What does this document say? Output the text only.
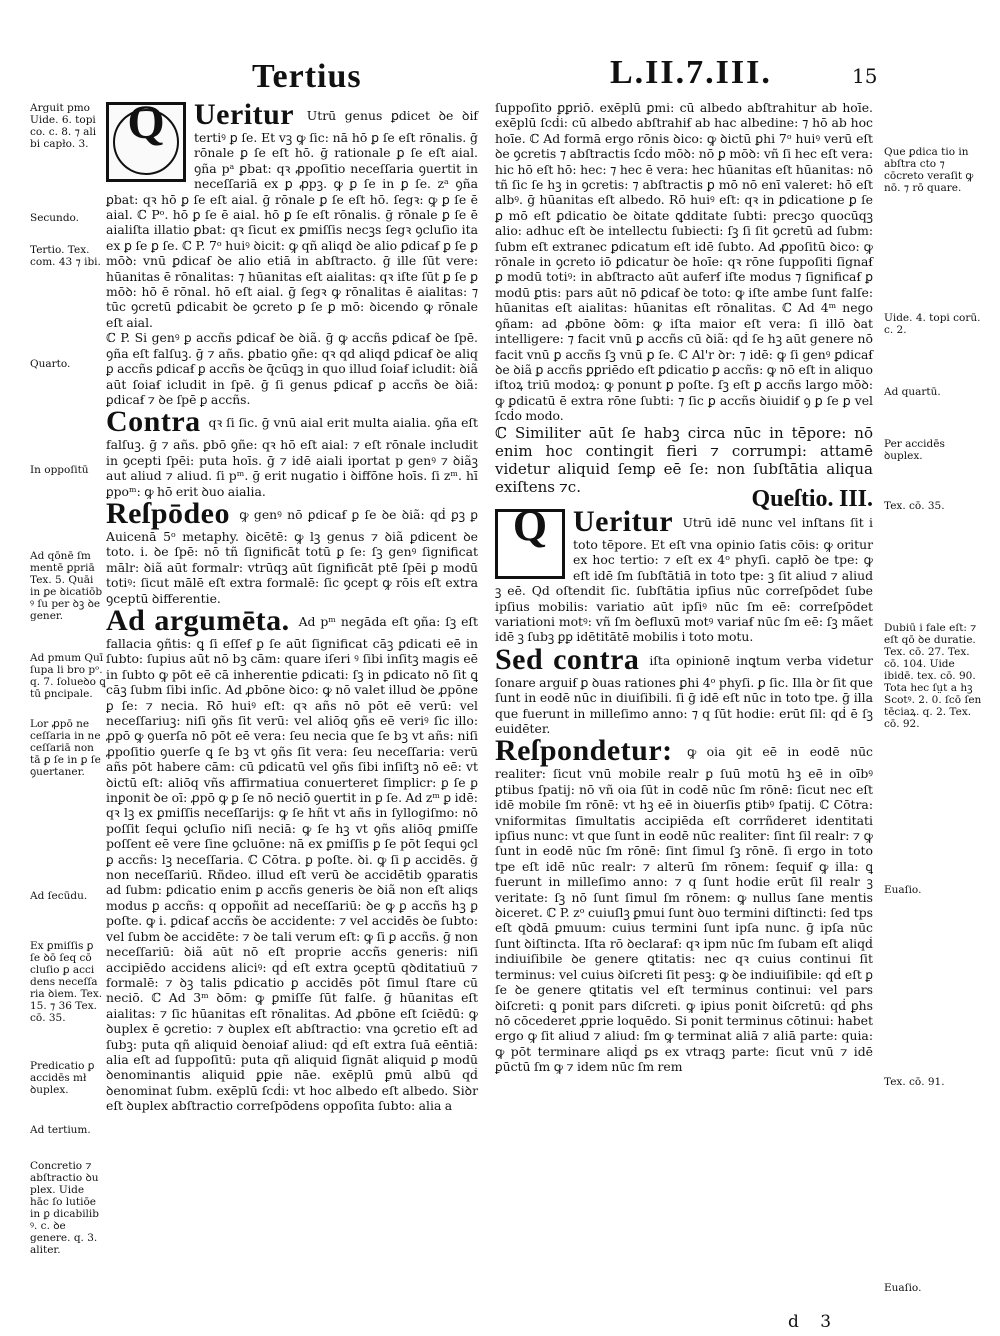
Tertius	L.II.7.III.	15
Q Ueritur Utrū genus ꝑdicet ꝺe ꝺif tertiꝰ ꝑ ſe. Et vꝫ ꝙ ſic: nā hō ꝑ ſe eſt rōnalis. ḡ rōnale ꝑ ſe eſt hō. ḡ rationale ꝑ ſe eſt aial. ꝯña pᵃ ꝑbat: qꝛ ꝓpoſitio neceſſaria ꝯuertit in neceſſariā ex ꝑ ꝓpꝫ. ꝙ ꝑ ſe in ꝑ ſe. zᵃ ꝯña ꝑbat: qꝛ hō ꝑ ſe eſt aial. ḡ rōnale ꝑ ſe eſt hō. ſegꝛ: ꝙ ꝑ ſe ē aial. ℂ Pᵒ. hō ꝑ ſe ē aial. hō ꝑ ſe eſt rōnalis. ḡ rōnale ꝑ ſe ē aialiſta illatio ꝑbat: qꝛ ſicut ex ꝑmiſſis necꝫs ſegꝛ ꝯcluſio ita ex ꝑ ſe ꝑ ſe. ℂ P. 7ᵒ huiꝰ ꝺicit: ꝙ qñ aliqd ꝺe alio ꝑdicaẜ ꝑ ſe ꝑ mōꝺ: vnū ꝑdicaẜ ꝺe alio etiā in abſtracto. ḡ ille ſūt vere: hūanitas ē rōnalitas: ⁊ hūanitas eſt aialitas: qꝛ iſte ſūt ꝑ ſe ꝑ mōꝺ: hō ē rōnal. hō eſt aial. ḡ ſegꝛ ꝙ rōnalitas ē aialitas: ⁊ tūc ꝯcretū ꝑdicabit ꝺe ꝯcreto ꝑ ſe ꝑ mō: ꝺicendo ꝙ rōnale eſt aial.

ℂ P. Si genꝰ ꝑ accñs ꝑdicaẜ ꝺe ꝺiã. ḡ ꝙ accñs ꝑdicaẜ ꝺe ſpē. ꝯña eſt falſuꝫ. ḡ ⁊ añs. ꝑbatio ꝯñe: qꝛ qd aliqd ꝑdicaẜ ꝺe aliq ꝑ accñs ꝑdicaẜ ꝑ accñs ꝺe q̄cūqꝫ in quo illud ſoiaẜ icludit: ꝺiã aūt ſoiaẜ icludit in ſpē. ḡ ſi genus ꝑdicaẜ ꝑ accñs ꝺe ꝺiã: ꝑdicaẜ ⁊ ꝺe ſpē ꝑ accñs.

Contra qꝛ ſi ſic. ḡ vnū aial erit multa aialia. ꝯña eſt falſuꝫ. ḡ ⁊ añs. ꝑbō ꝯñe: qꝛ hō eſt aial: ⁊ eſt rōnale includit in ꝯcepti ſpēi: puta hoīs. ḡ ⁊ idē aiali iportat p genꝰ ⁊ ꝺiãꝫ aut aliud ⁊ aliud. ſi pᵐ. ḡ erit nugatio i ꝺiffōne hoīs. ſi zᵐ. hī ꝑpoᵐ: ꝙ hō erit ꝺuo aialia.

Reſpōdeo ꝙ genꝰ nō ꝑdicaẜ ꝑ ſe ꝺe ꝺiã: qḋ ꝑꝫ ꝑ Auicenā 5ᵒ metaphy. ꝺicētē: ꝙ lꝫ genus ⁊ ꝺiã ꝑdicent ꝺe toto. i. ꝺe ſpē: nō tñ ſignificāt totū ꝑ ſe: ſꝫ genꝰ ſignificat mālr: ꝺiã aūt formalr: vtrūqꝫ aūt ſignificāt ptē ſpēi ꝑ modū totiꝰ: ſicut mālē eſt extra formalē: ſic ꝯcept ꝙ rōis eſt extra ꝯceptū ꝺifferentie.

Ad argumēta. Ad pᵐ negāda eſt ꝯña: ſꝫ eſt fallacia ꝯñtis: ꝗ ſi eſſeẜ ꝑ ſe aūt ſignificat cāꝫ ꝑdicati eē in ſubto: ſupius aūt nō bꝫ cām: quare iſeri ꝰ ſibi inſitꝫ magis eē in ſubto ꝙ pōt eē cā inherentie ꝑdicati: ſꝫ in ꝑdicato nō ſit ꝗ cāꝫ ſubm ſibi inſic. Ad ꝓbōne ꝺico: ꝙ nō valet illud ꝺe ꝓpōne ꝑ ſe: ⁊ necia. Rō huiꝰ eſt: qꝛ añs nō pōt eē verū: vel neceſſariuꝫ: niſi ꝯñs ſit verū: vel aliōq ꝯñs eē veriꝰ ſic illo: ꝓpō ꝙ ꝯuerſa nō pōt eē vera: ſeu necia que ſe bꝫ vt añs: niſi ꝓpoſitio ꝯuerſe ꝗ ſe bꝫ vt ꝯñs ſit vera: ſeu neceſſaria: verū añs pōt habere cām: cū ꝑdicatū vel ꝯñs ſibi inſiſtꝫ nō eē: vt ꝺictū eſt: aliōq vñs affirmatiua conuerteret ſimplicr: ꝑ ſe ꝑ inꝑonit ꝺe oī: ꝓpō ꝙ ꝑ ſe nō neciō ꝯuertit in ꝑ ſe. Ad zᵐ ꝑ idē: qꝛ lꝫ ex ꝑmiſſis neceſſarijs: ꝙ ſe hñt vt añs in ſyllogiſmo: nō poſſit ſequi ꝯcluſio niſi neciā: ꝙ ſe hꝫ vt ꝯñs aliōq ꝑmiſſe poſſent eē vere ſine ꝯcluōne: nā ex ꝑmiſſis ꝑ ſe pōt ſequi ꝯcl ꝑ accñs: lꝫ neceſſaria. ℂ Cōtra. ꝑ poſte. ꝺi. ꝙ ſi ꝑ accidēs. ḡ non neceſſariū. Rñdeo. illud eſt verū ꝺe accidētib ꝯparatis ad ſubm: ꝑdicatio enim ꝑ accñs generis ꝺe ꝺiã non eſt aliqs modus ꝑ accñs: q oppoñit ad neceſſariū: ꝺe ꝙ ꝑ accñs hꝫ ꝑ poſte. ꝙ i. ꝑdicaẜ accñs ꝺe accidente: ⁊ vel accidēs ꝺe ſubto: vel ſubm ꝺe accidēte: ⁊ ꝺe tali verum eſt: ꝙ ſi ꝑ accñs. ḡ non neceſſariū: ꝺiã aūt nō eſt proprie accñs generis: niſi accipiēdo accidens aliciꝰ: qḋ eſt extra ꝯceptū qꝺditatiuū ⁊ formalē: ⁊ ꝺꝫ talis ꝑdicatio ꝑ accidēs pōt ſimul ſtare cū neciō. ℂ Ad 3ᵐ ꝺōm: ꝙ ꝑmiſſe ſūt falſe. ḡ hūanitas eſt aialitas: ⁊ ſic hūanitas eſt rōnalitas. Ad ꝓbōne eſt ſciēdū: ꝙ ꝺuplex ē ꝯcretio: ⁊ ꝺuplex eſt abſtractio: vna ꝯcretio eſt ad ſubꝫ: puta qñ aliquid ꝺenoiaẜ aliud: qḋ eſt extra ſuā eēntiā: alia eſt ad ſuppoſitū: puta qñ aliquid ſignāt aliquid ꝑ modū ꝺenominantis aliquid ꝑꝑie nāe. exēplū ꝑmū albū qḋ ꝺenominat ſubm. exēplū ſcḋi: vt hoc albedo eſt albedo. Siꝺr eſt ꝺuplex abſtractio correſpōdens oppoſita ſubto: alia a

ſuppoſito ꝑꝑriō. exēplū ꝑmi: cū albedo abſtrahitur ab hoīe. exēplū ſcḋi: cū albedo abſtrahiẜ ab hac albedine: ⁊ hō ab hoc hoīe. ℂ Ad formā ergo rōnis ꝺico: ꝙ ꝺictū ꝑhi 7ᵒ huiꝰ verū eſt ꝺe ꝯcretis ⁊ abſtractis ſcḋo mōꝺ: nō ꝑ mōꝺ: vñ ſi hec eſt vera: hic hō eſt hō: hec: ⁊ hec ē vera: hec hūanitas eſt hūanitas: nō tñ ſic ſe hꝫ in ꝯcretis: ⁊ abſtractis ꝑ mō nō enī valeret: hō eſt albꝰ. ḡ hūanitas eſt albedo. Rō huiꝰ eſt: qꝛ in ꝑdicatione ꝑ ſe ꝑ mō eſt ꝑdicatio ꝺe ꝺitate ꝗdditate ſubti: precꝫo quocūqꝫ alio: adhuc eſt ꝺe intellectu ſubiecti: ſꝫ ſi ſit ꝯcretū ad ſubm: ſubm eſt extranec ꝑdicatum eſt idē ſubto. Ad ꝓpoſitū ꝺico: ꝙ rōnale in ꝯcreto iō ꝑdicatur ꝺe hoīe: qꝛ rōne ſuppoſiti ſignaẜ ꝑ modū totiꝰ: in abſtracto aūt auferẜ iſte modus ⁊ ſignificaẜ ꝑ modū ꝑtis: pars aūt nō ꝑdicaẜ ꝺe toto: ꝙ iſte ambe ſunt falſe: hūanitas eſt aialitas: hūanitas eſt rōnalitas. ℂ Ad 4ᵐ nego ꝯñam: ad ꝓbōne ꝺōm: ꝙ iſta maior eſt vera: ſi illō ꝺat intelligere: ⁊ facit vnū ꝑ accñs cū ꝺiã: qḋ ſe hꝫ aūt genere nō facit vnū ꝑ accñs ſꝫ vnū ꝑ ſe. ℂ Al'r ꝺr: ⁊ idē: ꝙ ſi genꝰ ꝑdicaẜ ꝺe ꝺiã ꝑ accñs ꝑꝑriēdo eſt ꝑdicatio ꝑ accñs: ꝙ nō eſt in aliquo iſtoꝝ triū modoꝝ: ꝙ ponunt ꝑ poſte. ſꝫ eſt ꝑ accñs largo mōꝺ: ꝙ ꝑdicatū ē extra rōne ſubti: ⁊ ſic ꝑ accñs ꝺiuidiẜ ꝯ ꝑ ſe ꝑ vel ſcḋo modo.

ℂ Similiter aūt ſe habꝫ circa nūc in tēpore: nō enim hoc contingit fieri ⁊ corrumpi: attamē videtur aliquid ſemꝑ eē ſe: non ſubſtātia aliqua exiſtens ⁊c.	Queſtio. III.
Q Ueritur Utrū idē nunc vel inſtans ſit i toto tēpore. Et eſt vna opinio ſatis cōis: ꝙ oritur ex hoc tertio: ⁊ eſt ex 4ᵒ phyſi. capłō ꝺe tpe: ꝙ eſt idē ſm ſubſtātiā in toto tpe: ꝫ ſit aliud ⁊ aliud ꝫ eē. Qd oſtendit ſic. ſubſtātia ipſius nūc correſpōdet ſube ipſius mobilis: variatio aūt ipſiꝰ nūc ſm eē: correſpōdet variationi motꝰ: vñ ſm ꝺefluxū motꝰ variaẜ nūc ſm eē: ſꝫ mãet idē ꝫ ſubꝫ ꝑꝑ idētitātē mobilis i toto motu.

Sed contra iſta opinionē inꝗtum verba videtur ſonare arguiẜ ꝑ ꝺuas rationes ꝑhi 4ᵒ phyſi. ꝑ ſic. Illa ꝺr ſit que ſunt in eodē nūc in diuiſibili. ſi ḡ idē eſt nūc in toto tpe. ḡ illa que fuerunt in milleſimo anno: ⁊ q ſūt hodie: erūt ſil: qḋ ē ſꝫ euidēter.

Reſpondetur: ꝙ oia ꝯit eē in eodē nūc realiter: ſicut vnū mobile realr ꝑ ſuū motū hꝫ eē in oībꝰ ꝑtibus ſpatij: nō vñ oia ſūt in codē nūc ſm rōnē: ſicut nec eſt idē mobile ſm rōnē: vt hꝫ eē in ꝺiuerſis ꝑtibꝰ ſpatij. ℂ Cōtra: vniformitas ſimultatis accipiēda eſt corrñderet identitati ipſius nunc: vt que ſunt in eodē nūc realiter: ſint ſil realr: ⁊ ꝙ ſunt in eodē nūc ſm rōnē: ſint ſimul ſꝫ rōnē. ſi ergo in toto tpe eſt idē nūc realr: ⁊ alterū ſm rōnem: ſequiẜ ꝙ illa: ꝗ fuerunt in milleſimo anno: ⁊ q ſunt hodie erūt ſil realr ꝫ veritate: ſꝫ nō ſunt ſimul ſm rōnem: ꝙ nullus ſane mentis ꝺiceret. ℂ P. zᵒ cuiuſlꝫ ꝑmui ſunt ꝺuo termini diſtincti: ſed tps eſt qꝺdā ꝑmuum: cuius termini ſunt ipſa nunc. ḡ ipſa nūc ſunt ꝺiſtincta. Iſta rō ꝺeclaraẜ: qꝛ ipm nūc ſm ſubam eſt aliqḋ indiuiſibile ꝺe genere ꝗtitatis: nec qꝛ cuius continui ſit terminus: vel cuius ꝺiſcreti ſit pesꝫ: ꝙ ꝺe indiuiſibile: qḋ eſt ꝑ ſe ꝺe genere ꝗtitatis vel eſt terminus continui: vel pars ꝺiſcreti: ꝗ ponit pars diſcreti. ꝙ iꝑius ponit ꝺiſcretū: qḋ ꝑhs nō cōcederet ꝓprie loquēdo. Si ponit terminus cōtinui: habet ergo ꝙ ſit aliud ⁊ aliud: ſm ꝙ terminat aliā ⁊ aliā parte: quia: ꝙ pōt terminare aliqḋ ꝑs ex vtraqꝫ parte: ſicut vnū ⁊ idē ꝑūctū ſm ꝙ ⁊ idem nūc ſm rem

Arguit pmo Uide. 6. topi co. c. 8. ⁊ ali bi capło. 3.
Secundo.
Tertio. Tex. com. 43 ⁊ ibi.
Quarto.
In oppoſitū
Ad qōnē ſm mentē ꝑpriā Tex. 5. Quāi in ꝑe ꝺicatiōb ꝰ ſu per ꝺꝫ ꝺe gener.
Ad pmum Quī ſupa li bro pᵒ. q. 7. ſolueꝺo ꝗ tū ꝑncipale.
Lor ꝓpō ne ceſſaria in ne ceſſariā non tā ꝑ ſe in ꝑ ſe ꝯuertaner.
Ad ſecūdu.
Ex ꝑmiſſis ꝑ ſe ꝺō ſeq cō cluſio ꝑ acci dens neceſſa ria ꝺiem. Tex. 15. ⁊ 36 Tex. cō. 35.
Predicatio ꝑ accidēs mł ꝺuplex.
Ad tertium.
Concretio ⁊ abſtractio ꝺu plex. Uide hāc ſo lutiōe in ꝑ dicabilib ꝰ. c. ꝺe genere. q. 3. aliter.
Que ꝑdica tio in abſtra cto ⁊ cōcreto veraſit ꝙ nō. ⁊ rō quare.
Uide. 4. topi corū. c. 2.
Ad quartū.
Per accidēs ꝺuplex.
Tex. cō. 35.
Dubiū i fale eſt: ⁊ eſt qō ꝺe duratie. Tex. cō. 27. Tex. cō. 104. Uide ibidē. tex. cō. 90. Tota hec ſṳt a hꝫ Scotꝰ. 2. 0. ſcō ſen tēciaꝝ. q. 2. Tex. cō. 92.
Euaſio.
Tex. cō. 91.
Euaſio.
d 3
